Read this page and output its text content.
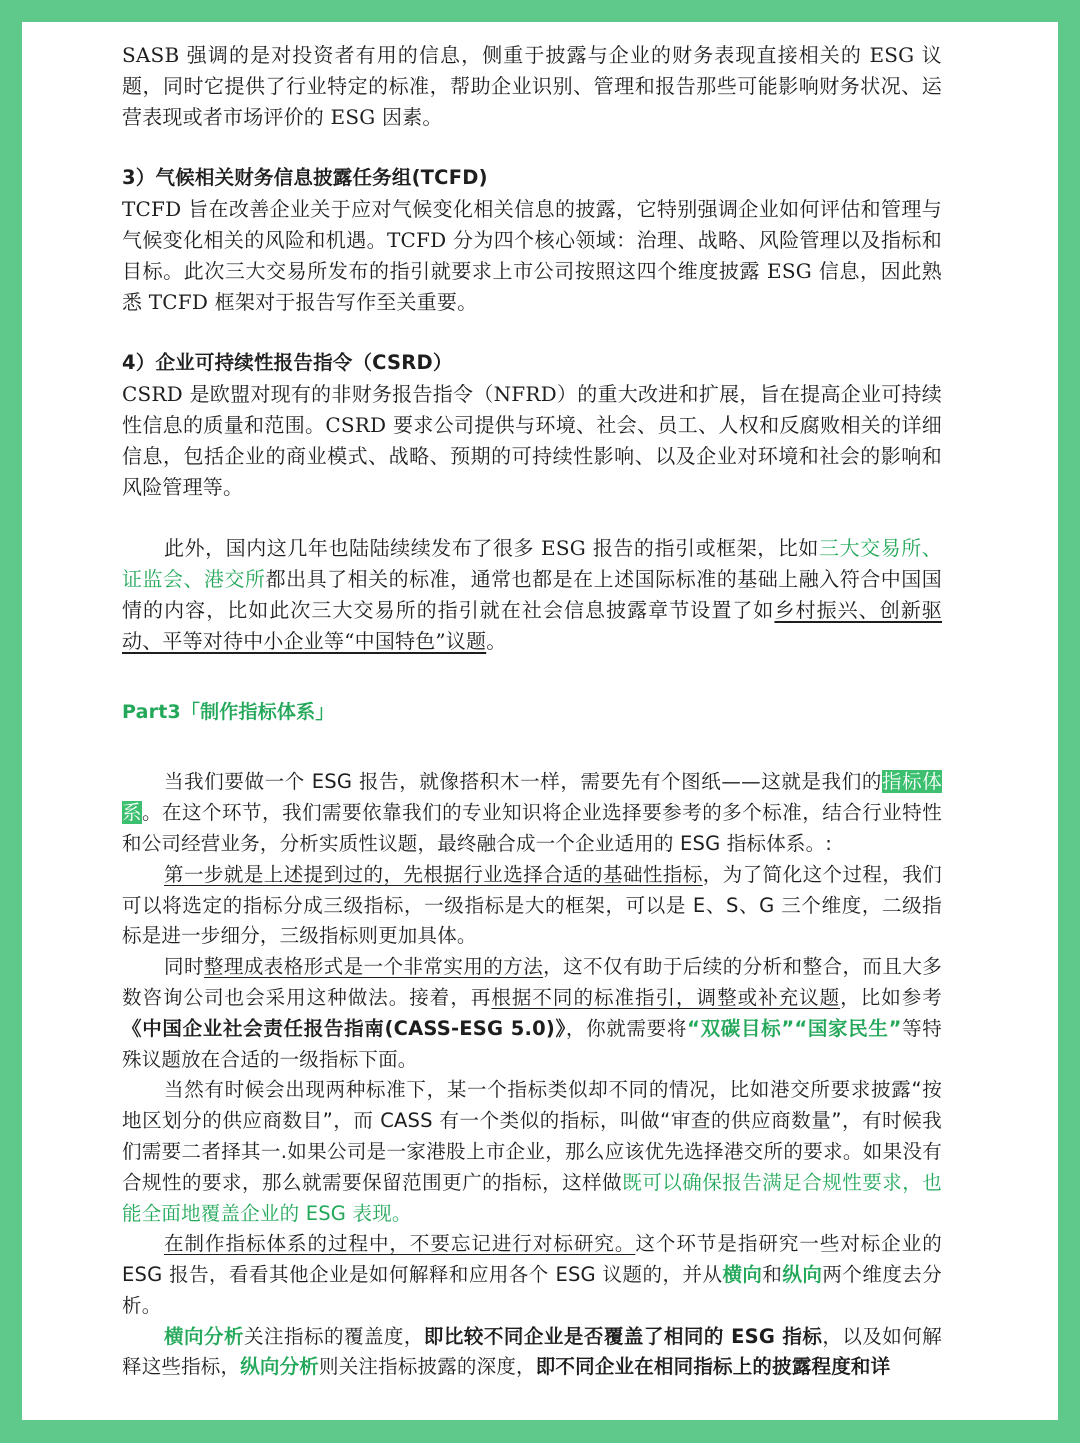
SASB 强调的是对投资者有用的信息，侧重于披露与企业的财务表现直接相关的 ESG 议题，同时它提供了行业特定的标准，帮助企业识别、管理和报告那些可能影响财务状况、运营表现或者市场评价的 ESG 因素。

3）气候相关财务信息披露任务组(TCFD)

TCFD 旨在改善企业关于应对气候变化相关信息的披露，它特别强调企业如何评估和管理与气候变化相关的风险和机遇。TCFD 分为四个核心领域：治理、战略、风险管理以及指标和目标。此次三大交易所发布的指引就要求上市公司按照这四个维度披露 ESG 信息，因此熟悉 TCFD 框架对于报告写作至关重要。

4）企业可持续性报告指令（CSRD）

CSRD 是欧盟对现有的非财务报告指令（NFRD）的重大改进和扩展，旨在提高企业可持续性信息的质量和范围。CSRD 要求公司提供与环境、社会、员工、人权和反腐败相关的详细信息，包括企业的商业模式、战略、预期的可持续性影响、以及企业对环境和社会的影响和风险管理等。

此外，国内这几年也陆陆续续发布了很多 ESG 报告的指引或框架，比如三大交易所、证监会、港交所都出具了相关的标准，通常也都是在上述国际标准的基础上融入符合中国国情的内容，比如此次三大交易所的指引就在社会信息披露章节设置了如乡村振兴、创新驱动、平等对待中小企业等“中国特色”议题。

Part3「制作指标体系」

当我们要做一个 ESG 报告，就像搭积木一样，需要先有个图纸——这就是我们的指标体系。在这个环节，我们需要依靠我们的专业知识将企业选择要参考的多个标准，结合行业特性和公司经营业务，分析实质性议题，最终融合成一个企业适用的 ESG 指标体系。:

第一步就是上述提到过的，先根据行业选择合适的基础性指标，为了简化这个过程，我们可以将选定的指标分成三级指标，一级指标是大的框架，可以是 E、S、G 三个维度，二级指标是进一步细分，三级指标则更加具体。

同时整理成表格形式是一个非常实用的方法，这不仅有助于后续的分析和整合，而且大多数咨询公司也会采用这种做法。接着，再根据不同的标准指引，调整或补充议题，比如参考《中国企业社会责任报告指南(CASS-ESG 5.0)》，你就需要将“双碳目标”“国家民生”等特殊议题放在合适的一级指标下面。

当然有时候会出现两种标准下，某一个指标类似却不同的情况，比如港交所要求披露“按地区划分的供应商数目”，而 CASS 有一个类似的指标，叫做“审查的供应商数量”，有时候我们需要二者择其一.如果公司是一家港股上市企业，那么应该优先选择港交所的要求。如果没有合规性的要求，那么就需要保留范围更广的指标，这样做既可以确保报告满足合规性要求，也能全面地覆盖企业的 ESG 表现。

在制作指标体系的过程中，不要忘记进行对标研究。这个环节是指研究一些对标企业的 ESG 报告，看看其他企业是如何解释和应用各个 ESG 议题的，并从横向和纵向两个维度去分析。

横向分析关注指标的覆盖度，即比较不同企业是否覆盖了相同的 ESG 指标，以及如何解释这些指标，纵向分析则关注指标披露的深度，即不同企业在相同指标上的披露程度和详
